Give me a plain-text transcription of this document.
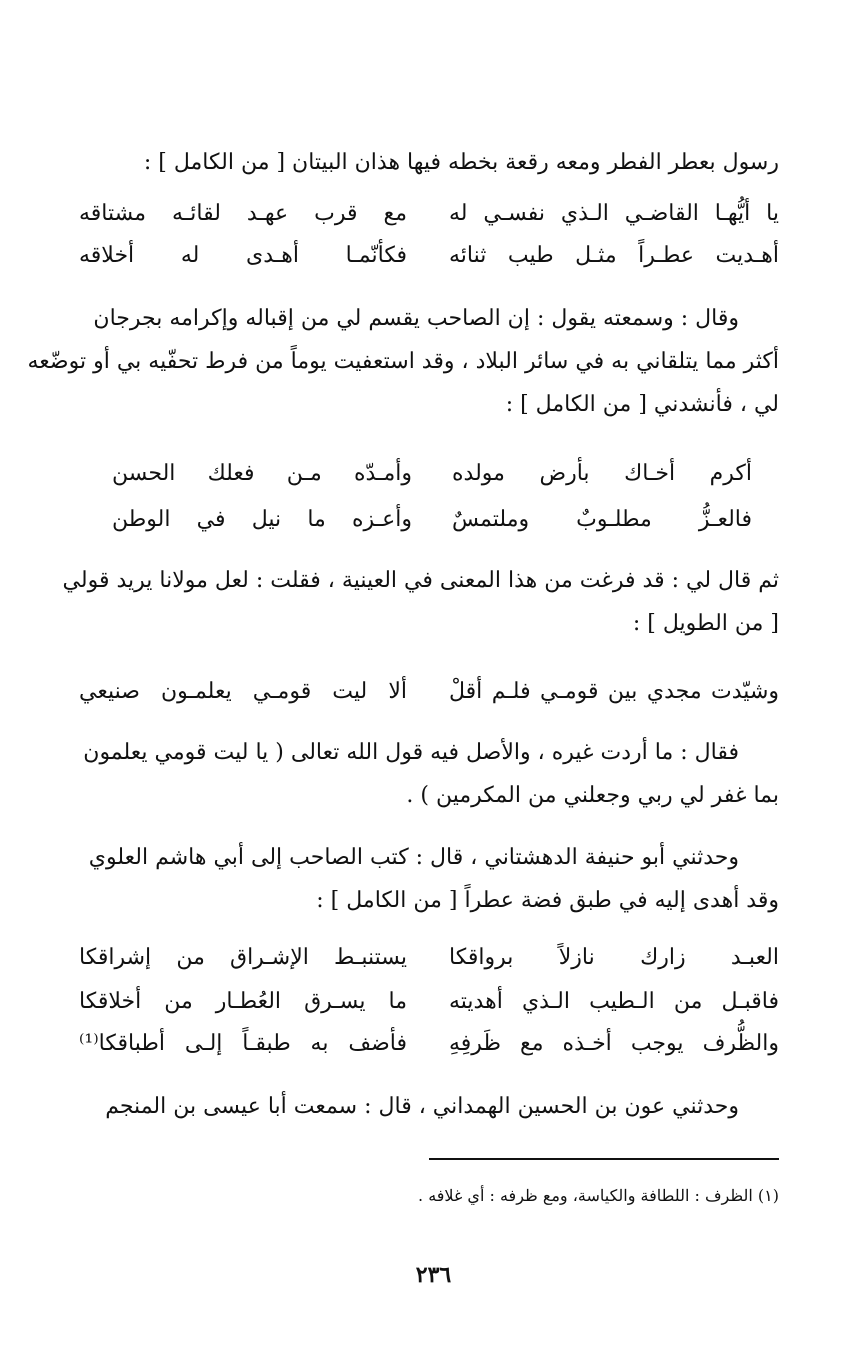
رسول بعطر الفطر ومعه رقعة بخطه فيها هذان البيتان [ من الكامل ] :
يا أيُّهـا القاضـي الـذي نفسـي له
مع قرب عهـد لقائـه مشتاقه
أهـديت عطـراً مثـل طيب ثنائه
فكأنّمـا أهـدى له أخلاقه
وقال : وسمعته يقول : إن الصاحب يقسم لي من إقباله وإكرامه بجرجان
أكثر مما يتلقاني به في سائر البلاد ، وقد استعفيت يوماً من فرط تحفّيه بي أو توضّعه
لي ، فأنشدني [ من الكامل ] :
أكرم أخـاك بأرض مولده
وأمـدّه مـن فعلك الحسن
فالعـزُّ مطلـوبٌ وملتمسٌ
وأعـزه ما نيل في الوطن
ثم قال لي : قد فرغت من هذا المعنى في العينية ، فقلت : لعل مولانا يريد قولي
[ من الطويل ] :
وشيّدت مجدي بين قومـي فلـم أقلْ
ألا ليت قومـي يعلمـون صنيعي
فقال : ما أردت غيره ، والأصل فيه قول الله تعالى ( يا ليت قومي يعلمون
بما غفر لي ربي وجعلني من المكرمين ) .
وحدثني أبو حنيفة الدهشتاني ، قال : كتب الصاحب إلى أبي هاشم العلوي
وقد أهدى إليه في طبق فضة عطراً [ من الكامل ] :
العبـد زارك نازلاً برواقكا
يستنبـط الإشـراق من إشراقكا
فاقبـل من الـطيب الـذي أهديته
ما يسـرق العُطـار من أخلاقكا
والظُّرف يوجب أخـذه مع ظَرفِهِ
فأضف به طبقـاً إلـى أطباقكا⁽¹⁾
وحدثني عون بن الحسين الهمداني ، قال : سمعت أبا عيسى بن المنجم
(١) الظرف : اللطافة والكياسة، ومع ظرفه : أي غلافه .
٢٣٦
